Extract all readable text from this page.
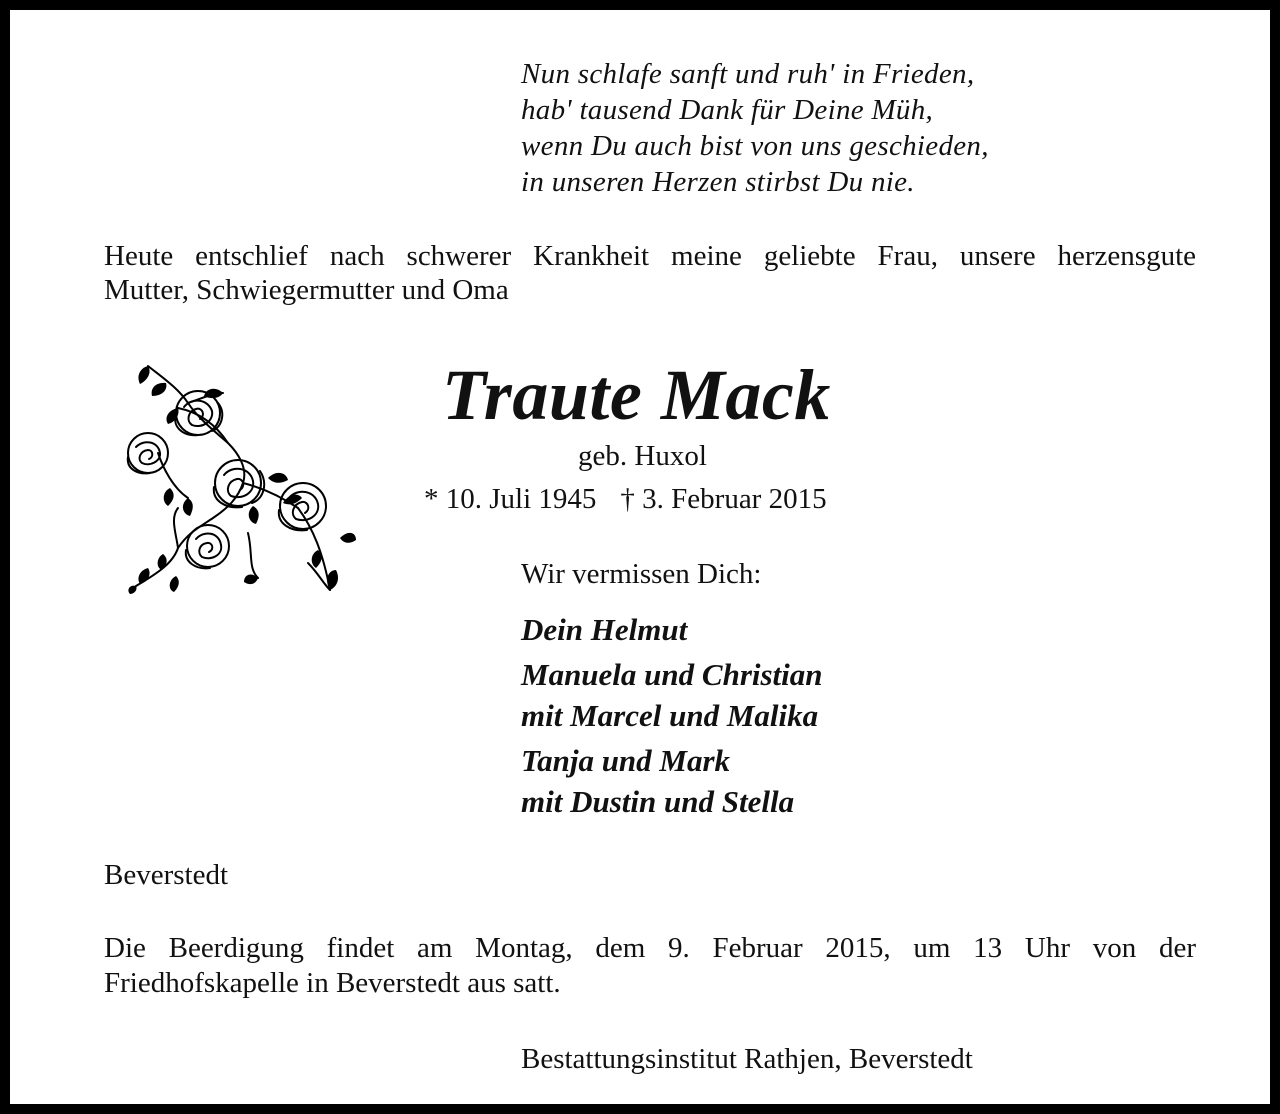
Nun schlafe sanft und ruh' in Frieden,
hab' tausend Dank für Deine Müh,
wenn Du auch bist von uns geschieden,
in unseren Herzen stirbst Du nie.
Heute entschlief nach schwerer Krankheit meine geliebte Frau, unsere herzensgute
Mutter, Schwiegermutter und Oma
Traute Mack
geb. Huxol
* 10. Juli 1945 † 3. Februar 2015
Wir vermissen Dich:
Dein Helmut
Manuela und Christian
mit Marcel und Malika
Tanja und Mark
mit Dustin und Stella
Beverstedt
Die Beerdigung findet am Montag, dem 9. Februar 2015, um 13 Uhr von der
Friedhofskapelle in Beverstedt aus satt.
Bestattungsinstitut Rathjen, Beverstedt
